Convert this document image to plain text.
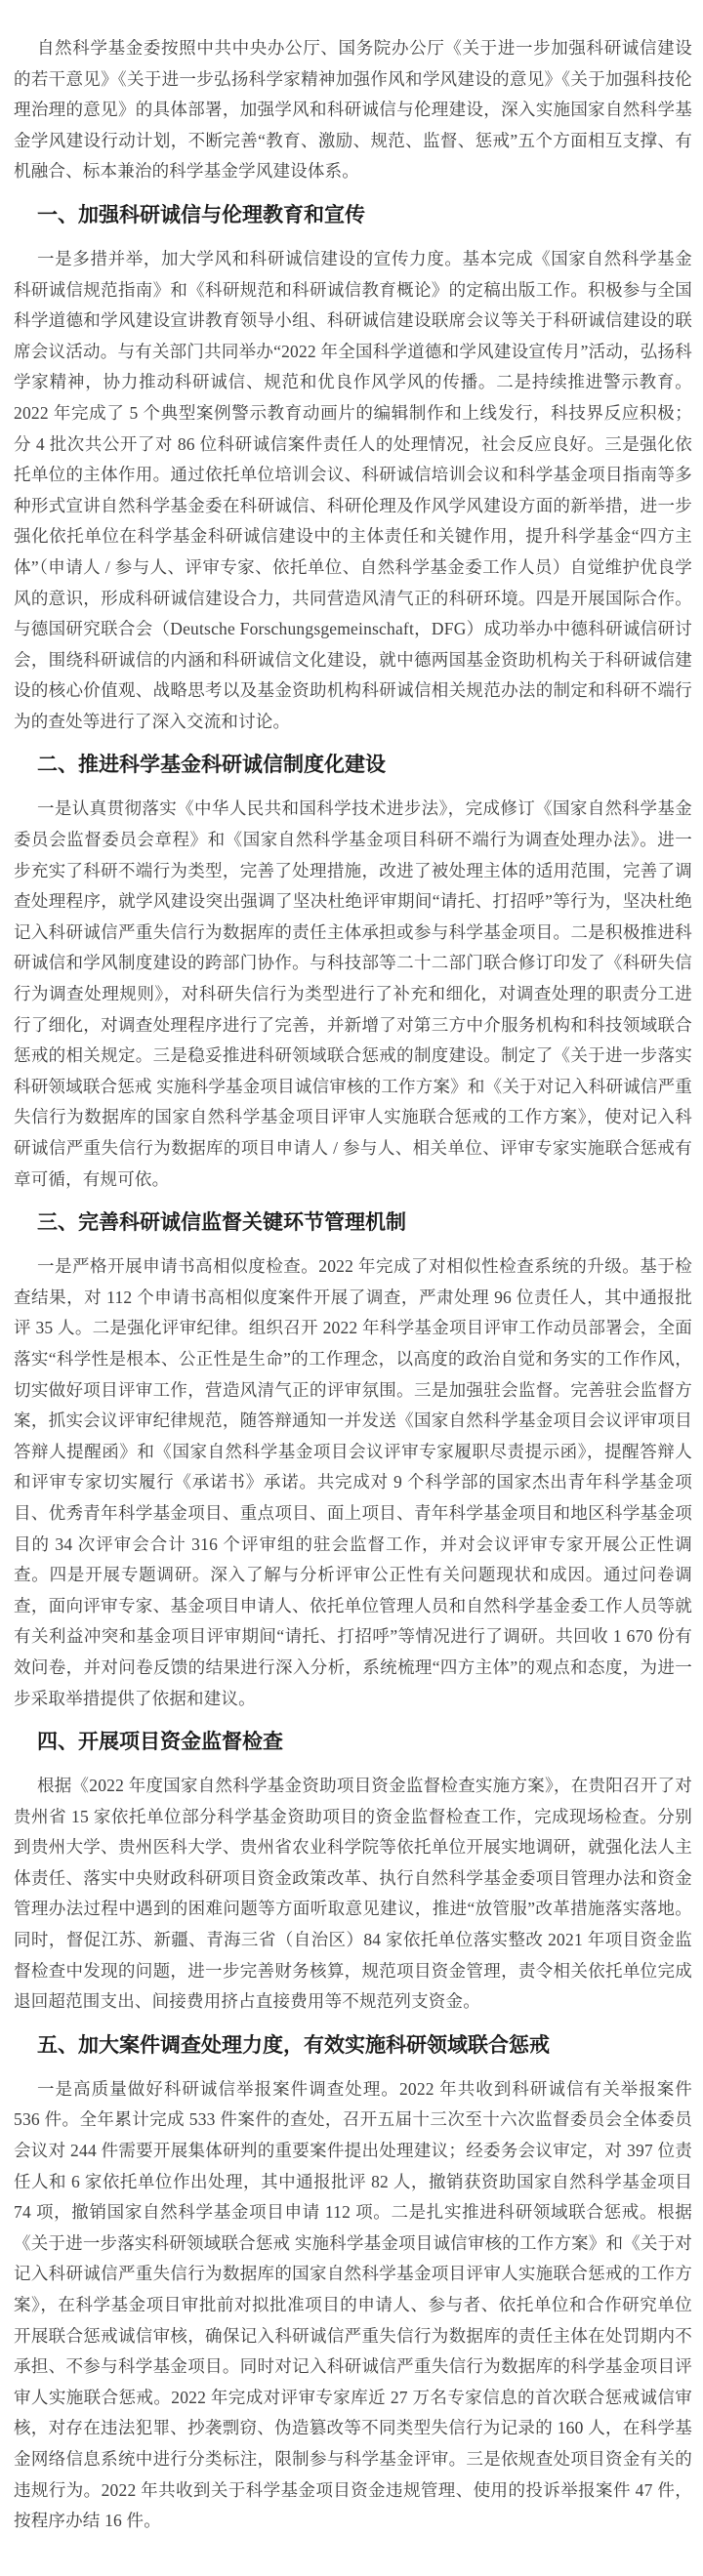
自然科学基金委按照中共中央办公厅、国务院办公厅《关于进一步加强科研诚信建设的若干意见》《关于进一步弘扬科学家精神加强作风和学风建设的意见》《关于加强科技伦理治理的意见》的具体部署，加强学风和科研诚信与伦理建设，深入实施国家自然科学基金学风建设行动计划，不断完善“教育、激励、规范、监督、惩戒”五个方面相互支撑、有机融合、标本兼治的科学基金学风建设体系。

一、加强科研诚信与伦理教育和宣传

一是多措并举，加大学风和科研诚信建设的宣传力度。基本完成《国家自然科学基金科研诚信规范指南》和《科研规范和科研诚信教育概论》的定稿出版工作。积极参与全国科学道德和学风建设宣讲教育领导小组、科研诚信建设联席会议等关于科研诚信建设的联席会议活动。与有关部门共同举办“2022 年全国科学道德和学风建设宣传月”活动，弘扬科学家精神，协力推动科研诚信、规范和优良作风学风的传播。二是持续推进警示教育。2022 年完成了 5 个典型案例警示教育动画片的编辑制作和上线发行，科技界反应积极；分 4 批次共公开了对 86 位科研诚信案件责任人的处理情况，社会反应良好。三是强化依托单位的主体作用。通过依托单位培训会议、科研诚信培训会议和科学基金项目指南等多种形式宣讲自然科学基金委在科研诚信、科研伦理及作风学风建设方面的新举措，进一步强化依托单位在科学基金科研诚信建设中的主体责任和关键作用，提升科学基金“四方主体”（申请人 / 参与人、评审专家、依托单位、自然科学基金委工作人员）自觉维护优良学风的意识，形成科研诚信建设合力，共同营造风清气正的科研环境。四是开展国际合作。与德国研究联合会（Deutsche Forschungsgemeinschaft，DFG）成功举办中德科研诚信研讨会，围绕科研诚信的内涵和科研诚信文化建设，就中德两国基金资助机构关于科研诚信建设的核心价值观、战略思考以及基金资助机构科研诚信相关规范办法的制定和科研不端行为的查处等进行了深入交流和讨论。

二、推进科学基金科研诚信制度化建设

一是认真贯彻落实《中华人民共和国科学技术进步法》，完成修订《国家自然科学基金委员会监督委员会章程》和《国家自然科学基金项目科研不端行为调查处理办法》。进一步充实了科研不端行为类型，完善了处理措施，改进了被处理主体的适用范围，完善了调查处理程序，就学风建设突出强调了坚决杜绝评审期间“请托、打招呼”等行为，坚决杜绝记入科研诚信严重失信行为数据库的责任主体承担或参与科学基金项目。二是积极推进科研诚信和学风制度建设的跨部门协作。与科技部等二十二部门联合修订印发了《科研失信行为调查处理规则》，对科研失信行为类型进行了补充和细化，对调查处理的职责分工进行了细化，对调查处理程序进行了完善，并新增了对第三方中介服务机构和科技领域联合惩戒的相关规定。三是稳妥推进科研领域联合惩戒的制度建设。制定了《关于进一步落实科研领域联合惩戒 实施科学基金项目诚信审核的工作方案》和《关于对记入科研诚信严重失信行为数据库的国家自然科学基金项目评审人实施联合惩戒的工作方案》，使对记入科研诚信严重失信行为数据库的项目申请人 / 参与人、相关单位、评审专家实施联合惩戒有章可循，有规可依。

三、完善科研诚信监督关键环节管理机制

一是严格开展申请书高相似度检查。2022 年完成了对相似性检查系统的升级。基于检查结果，对 112 个申请书高相似度案件开展了调查，严肃处理 96 位责任人，其中通报批评 35 人。二是强化评审纪律。组织召开 2022 年科学基金项目评审工作动员部署会，全面落实“科学性是根本、公正性是生命”的工作理念，以高度的政治自觉和务实的工作作风，切实做好项目评审工作，营造风清气正的评审氛围。三是加强驻会监督。完善驻会监督方案，抓实会议评审纪律规范，随答辩通知一并发送《国家自然科学基金项目会议评审项目答辩人提醒函》和《国家自然科学基金项目会议评审专家履职尽责提示函》，提醒答辩人和评审专家切实履行《承诺书》承诺。共完成对 9 个科学部的国家杰出青年科学基金项目、优秀青年科学基金项目、重点项目、面上项目、青年科学基金项目和地区科学基金项目的 34 次评审会合计 316 个评审组的驻会监督工作，并对会议评审专家开展公正性调查。四是开展专题调研。深入了解与分析评审公正性有关问题现状和成因。通过问卷调查，面向评审专家、基金项目申请人、依托单位管理人员和自然科学基金委工作人员等就有关利益冲突和基金项目评审期间“请托、打招呼”等情况进行了调研。共回收 1 670 份有效问卷，并对问卷反馈的结果进行深入分析，系统梳理“四方主体”的观点和态度，为进一步采取举措提供了依据和建议。

四、开展项目资金监督检查

根据《2022 年度国家自然科学基金资助项目资金监督检查实施方案》，在贵阳召开了对贵州省 15 家依托单位部分科学基金资助项目的资金监督检查工作，完成现场检查。分别到贵州大学、贵州医科大学、贵州省农业科学院等依托单位开展实地调研，就强化法人主体责任、落实中央财政科研项目资金政策改革、执行自然科学基金委项目管理办法和资金管理办法过程中遇到的困难问题等方面听取意见建议，推进“放管服”改革措施落实落地。同时，督促江苏、新疆、青海三省（自治区）84 家依托单位落实整改 2021 年项目资金监督检查中发现的问题，进一步完善财务核算，规范项目资金管理，责令相关依托单位完成退回超范围支出、间接费用挤占直接费用等不规范列支资金。

五、加大案件调查处理力度，有效实施科研领域联合惩戒

一是高质量做好科研诚信举报案件调查处理。2022 年共收到科研诚信有关举报案件 536 件。全年累计完成 533 件案件的查处，召开五届十三次至十六次监督委员会全体委员会议对 244 件需要开展集体研判的重要案件提出处理建议；经委务会议审定，对 397 位责任人和 6 家依托单位作出处理，其中通报批评 82 人，撤销获资助国家自然科学基金项目 74 项，撤销国家自然科学基金项目申请 112 项。二是扎实推进科研领域联合惩戒。根据《关于进一步落实科研领域联合惩戒 实施科学基金项目诚信审核的工作方案》和《关于对记入科研诚信严重失信行为数据库的国家自然科学基金项目评审人实施联合惩戒的工作方案》，在科学基金项目审批前对拟批准项目的申请人、参与者、依托单位和合作研究单位开展联合惩戒诚信审核，确保记入科研诚信严重失信行为数据库的责任主体在处罚期内不承担、不参与科学基金项目。同时对记入科研诚信严重失信行为数据库的科学基金项目评审人实施联合惩戒。2022 年完成对评审专家库近 27 万名专家信息的首次联合惩戒诚信审核，对存在违法犯罪、抄袭剽窃、伪造篡改等不同类型失信行为记录的 160 人，在科学基金网络信息系统中进行分类标注，限制参与科学基金评审。三是依规查处项目资金有关的违规行为。2022 年共收到关于科学基金项目资金违规管理、使用的投诉举报案件 47 件，按程序办结 16 件。
